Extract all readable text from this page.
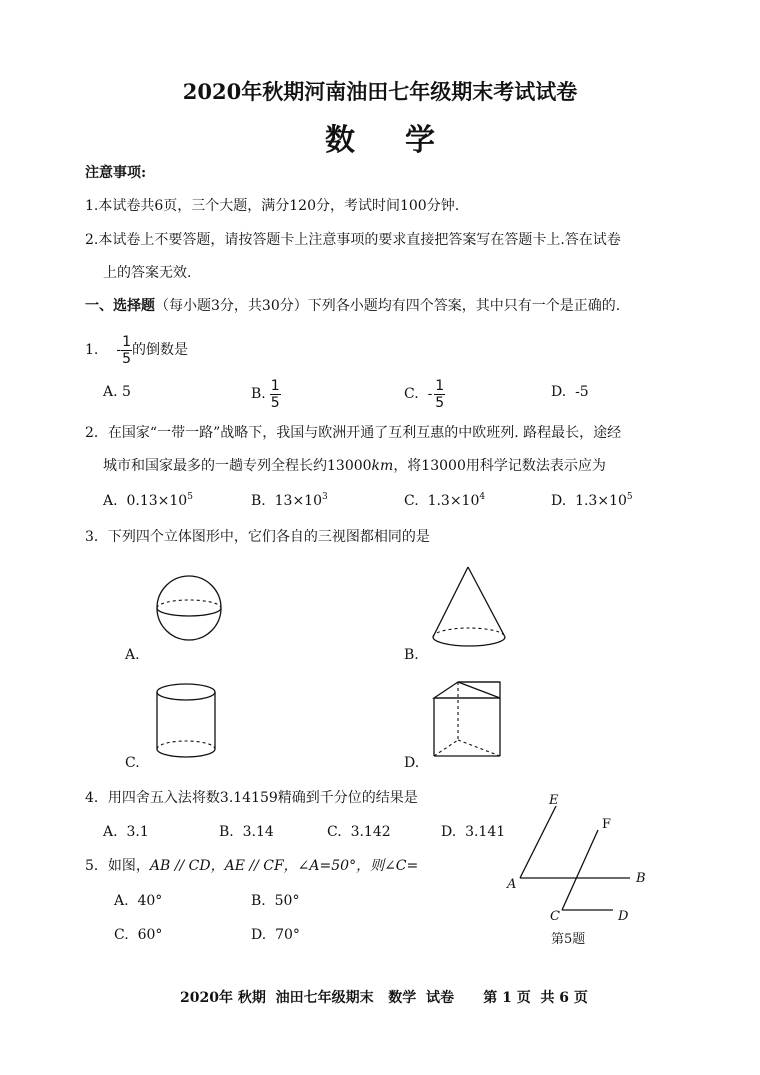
2020年秋期河南油田七年级期末考试试卷
数学
注意事项:
1.本试卷共6页，三个大题，满分120分，考试时间100分钟.
2.本试卷上不要答题，请按答题卡上注意事项的要求直接把答案写在答题卡上.答在试卷
上的答案无效.
一、选择题（每小题3分，共30分）下列各小题均有四个答案，其中只有一个是正确的.
1. - $\frac{1}{5}$ 的倒数是
A. 5	B. $\frac{1}{5}$	C.  - $\frac{1}{5}$	D.  -5
2．在国家“一带一路”战略下，我国与欧洲开通了互利互惠的中欧班列. 路程最长，途经
城市和国家最多的一趟专列全程长约13000km，将13000用科学记数法表示应为
A.  $0.13\times 10^5$	B.  $13\times 10^3$	C.  $1.3\times 10^4$	D.  $1.3\times 10^5$
3．下列四个立体图形中，它们各自的三视图都相同的是
A.	B.
C.	D.
4．用四舍五入法将数3.14159精确到千分位的结果是
A.  3.1	B.  3.14	C.  3.142	D.  3.141
5．如图，AB // CD，AE // CF，∠A=50°，则∠C=
A.  40°	B.  50°
C.  60°	D.  70°
E
F
A	B
C	D
第5题
2020年 秋期  油田七年级期末   数学  试卷      第 1 页  共 6 页
